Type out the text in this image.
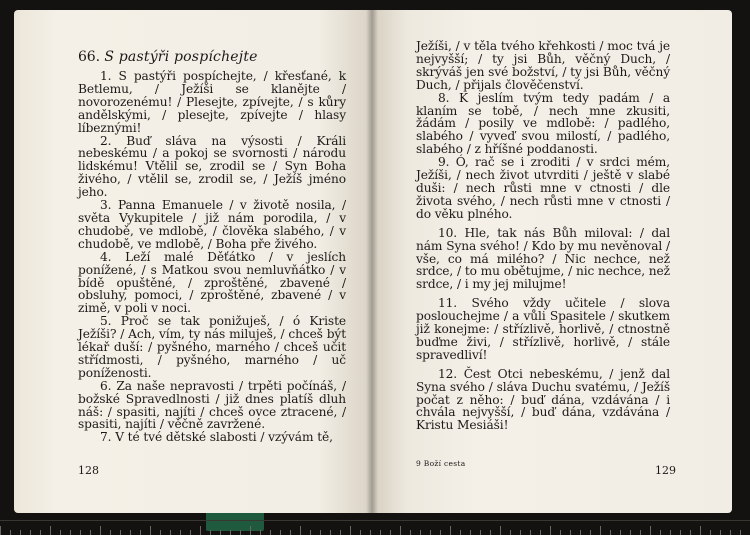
66. S pastýři pospíchejte

1. S pastýři pospíchejte, / křesťané, k Betlemu, / Ježíši se klanějte / novorozenému! / Plesejte, zpívejte, / s kůry andělskými, / plesejte, zpívejte / hlasy líbeznými!

2. Buď sláva na výsosti / Králi nebeskému / a pokoj se svornosti / národu lidskému! Vtělil se, zrodil se / Syn Boha živého, / vtělil se, zrodil se, / Ježíš jméno jeho.

3. Panna Emanuele / v životě nosila, / světa Vykupitele / již nám porodila, / v chudobě, ve mdlobě, / člověka slabého, / v chudobě, ve mdlobě, / Boha pře živého.

4. Leží malé Děťátko / v jeslích ponížené, / s Matkou svou nemluvňátko / v bídě opuštěné, / zproštěné, zbavené / obsluhy, pomoci, / zproštěné, zbavené / v zimě, v poli v noci.

5. Proč se tak ponižuješ, / ó Kriste Ježíši? / Ach, vím, ty nás miluješ, / chceš být lékař duší: / pyšného, marného / chceš učit střídmosti, / pyšného, marného / uč poníženosti.

6. Za naše nepravosti / trpěti počínáš, / božské Spravedlnosti / již dnes platíš dluh náš: / spasiti, najíti / chceš ovce ztracené, / spasiti, najíti / věčně zavržené.

7. V té tvé dětské slabosti / vzývám tě,

128

Ježíši, / v těla tvého křehkosti / moc tvá je nejvyšší; / ty jsi Bůh, věčný Duch, / skrýváš jen své božství, / ty jsi Bůh, věčný Duch, / přijals člověčenství.

8. K jeslím tvým tedy padám / a klaním se tobě, / nech mne zkusiti, žádám / posily ve mdlobě: / padlého, slabého / vyveď svou milostí, / padlého, slabého / z hříšné poddanosti.

9. Ó, rač se i zroditi / v srdci mém, Ježíši, / nech život utvrditi / ještě v slabé duši: / nech růsti mne v ctnosti / dle života svého, / nech růsti mne v ctnosti / do věku plného.

10. Hle, tak nás Bůh miloval: / dal nám Syna svého! / Kdo by mu nevěnoval / vše, co má milého? / Nic nechce, než srdce, / to mu obětujme, / nic nechce, než srdce, / i my jej milujme!

11. Svého vždy učitele / slova poslouchejme / a vůli Spasitele / skutkem již konejme: / střízlivě, horlivě, / ctnostně buďme živi, / střízlivě, horlivě, / stále spravedliví!

12. Čest Otci nebeskému, / jenž dal Syna svého / sláva Duchu svatému, / Ježíš počat z něho: / buď dána, vzdávána / i chvála nejvyšší, / buď dána, vzdávána / Kristu Mesiáši!

9 Boží cesta
129
